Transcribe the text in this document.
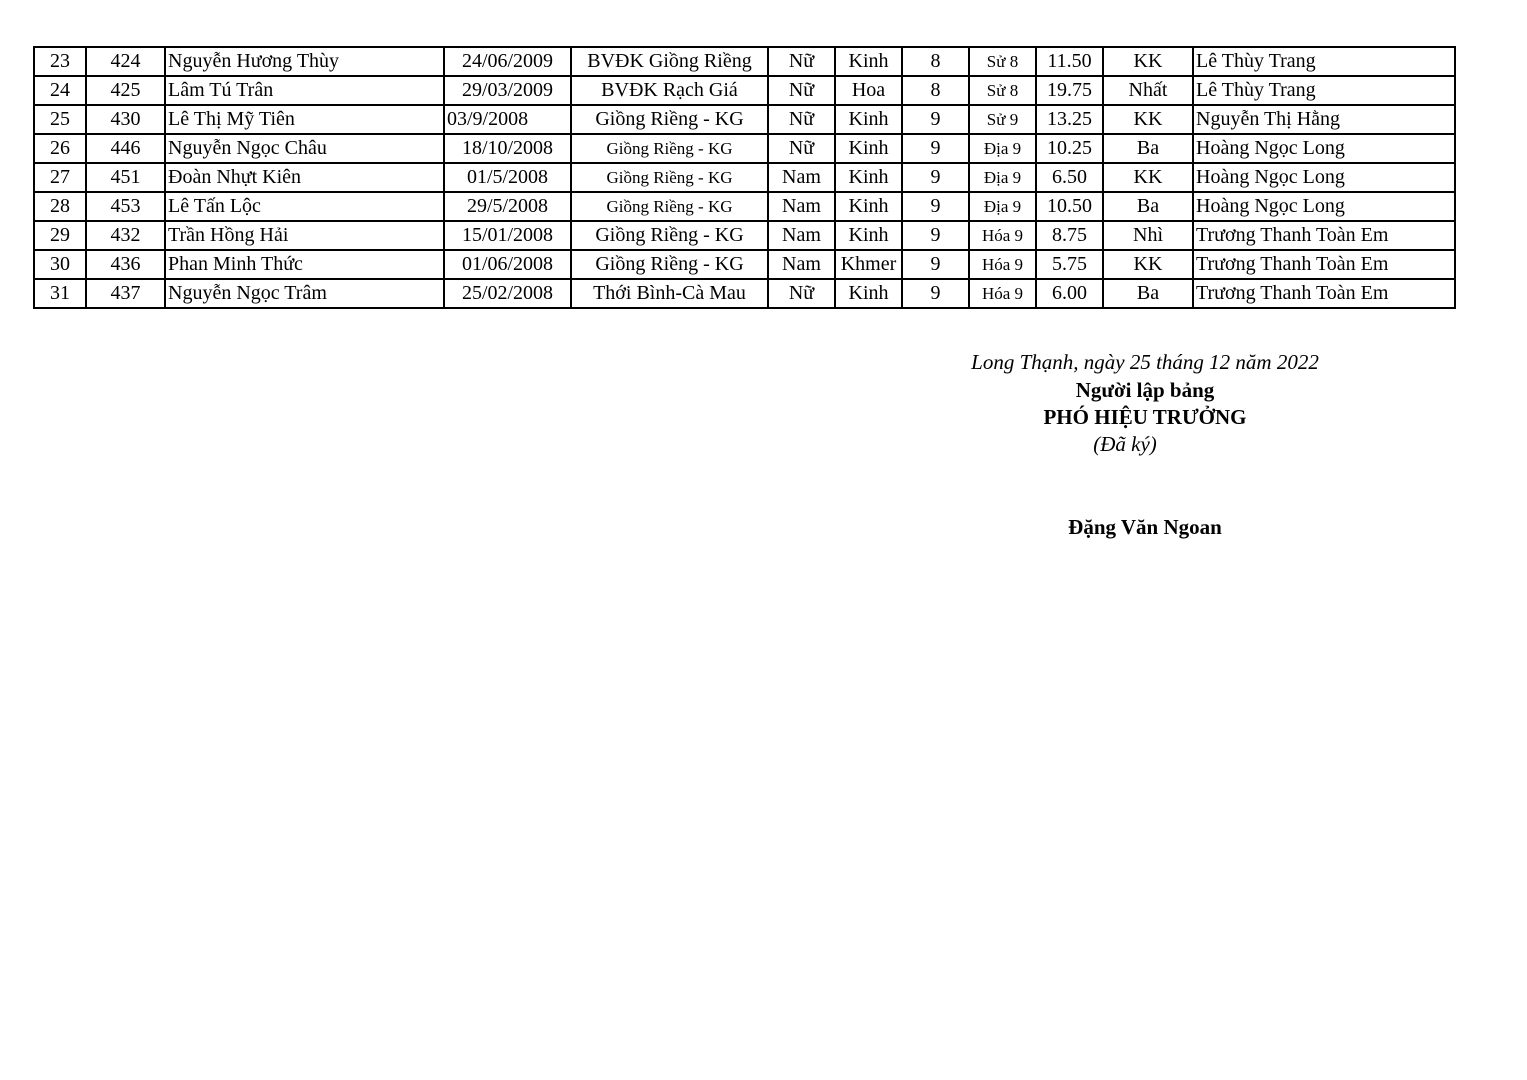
23	424	Nguyễn Hương Thùy	24/06/2009	BVĐK Giồng Riềng	Nữ	Kinh	8	Sử 8	11.50	KK	Lê Thùy Trang
24	425	Lâm Tú Trân	29/03/2009	BVĐK Rạch Giá	Nữ	Hoa	8	Sử 8	19.75	Nhất	Lê Thùy Trang
25	430	Lê Thị Mỹ Tiên	03/9/2008	Giồng Riềng - KG	Nữ	Kinh	9	Sử 9	13.25	KK	Nguyễn Thị Hằng
26	446	Nguyễn Ngọc Châu	18/10/2008	Giồng Riềng - KG	Nữ	Kinh	9	Địa 9	10.25	Ba	Hoàng Ngọc Long
27	451	Đoàn Nhựt Kiên	01/5/2008	Giồng Riềng - KG	Nam	Kinh	9	Địa 9	6.50	KK	Hoàng Ngọc Long
28	453	Lê Tấn Lộc	29/5/2008	Giồng Riềng - KG	Nam	Kinh	9	Địa 9	10.50	Ba	Hoàng Ngọc Long
29	432	Trần Hồng Hải	15/01/2008	Giồng Riềng - KG	Nam	Kinh	9	Hóa 9	8.75	Nhì	Trương Thanh Toàn Em
30	436	Phan Minh Thức	01/06/2008	Giồng Riềng - KG	Nam	Khmer	9	Hóa 9	5.75	KK	Trương Thanh Toàn Em
31	437	Nguyễn Ngọc Trâm	25/02/2008	Thới Bình-Cà Mau	Nữ	Kinh	9	Hóa 9	6.00	Ba	Trương Thanh Toàn Em
Long Thạnh, ngày 25 tháng 12 năm 2022
Người lập bảng
PHÓ HIỆU TRƯỞNG
(Đã ký)
Đặng Văn Ngoan
